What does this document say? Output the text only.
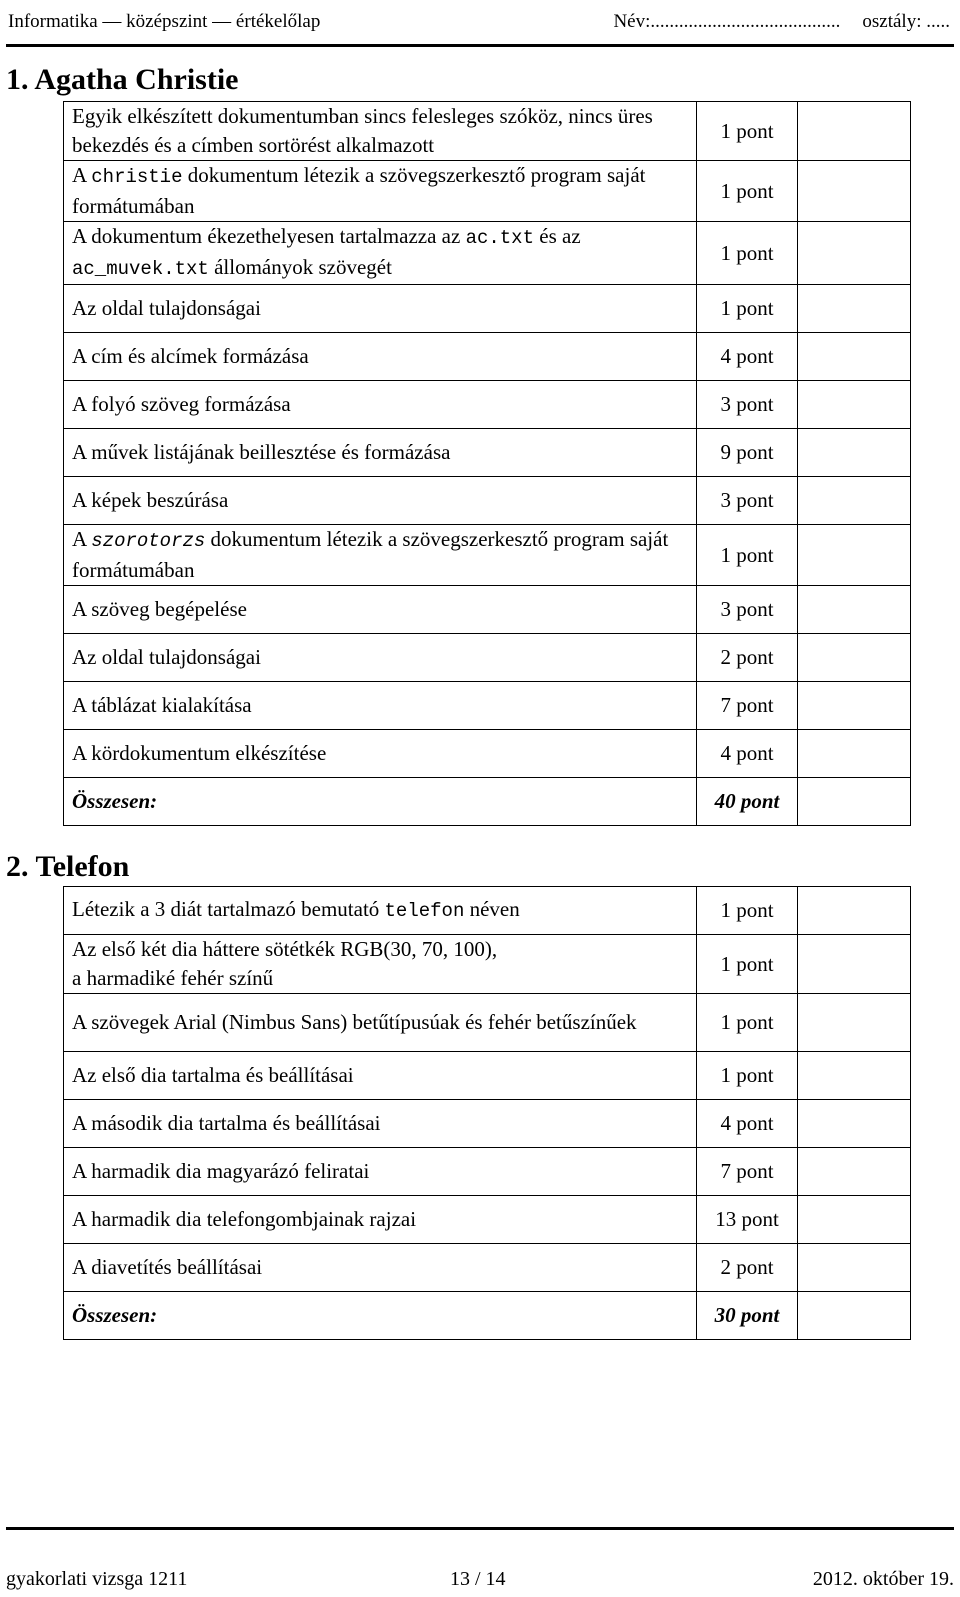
Informatika — középszint — értékelőlap	Név:........................................ osztály: .....
1. Agatha Christie
Egyik elkészített dokumentumban sincs felesleges szóköz, nincs üres bekezdés és a címben sortörést alkalmazott	1 pont	
A christie dokumentum létezik a szövegszerkesztő program saját formátumában	1 pont	
A dokumentum ékezethelyesen tartalmazza az ac.txt és az ac_muvek.txt állományok szövegét	1 pont	
Az oldal tulajdonságai	1 pont	
A cím és alcímek formázása	4 pont	
A folyó szöveg formázása	3 pont	
A művek listájának beillesztése és formázása	9 pont	
A képek beszúrása	3 pont	
A szorotorzs dokumentum létezik a szövegszerkesztő program saját formátumában	1 pont	
A szöveg begépelése	3 pont	
Az oldal tulajdonságai	2 pont	
A táblázat kialakítása	7 pont	
A kördokumentum elkészítése	4 pont	
Összesen:	40 pont	
2. Telefon
Létezik a 3 diát tartalmazó bemutató telefon néven	1 pont	
Az első két dia háttere sötétkék RGB(30, 70, 100),
a harmadiké fehér színű	1 pont	
A szövegek Arial (Nimbus Sans) betűtípusúak és fehér betűszínűek	1 pont	
Az első dia tartalma és beállításai	1 pont	
A második dia tartalma és beállításai	4 pont	
A harmadik dia magyarázó feliratai	7 pont	
A harmadik dia telefongombjainak rajzai	13 pont	
A diavetítés beállításai	2 pont	
Összesen:	30 pont	
gyakorlati vizsga 1211	13 / 14	2012. október 19.
